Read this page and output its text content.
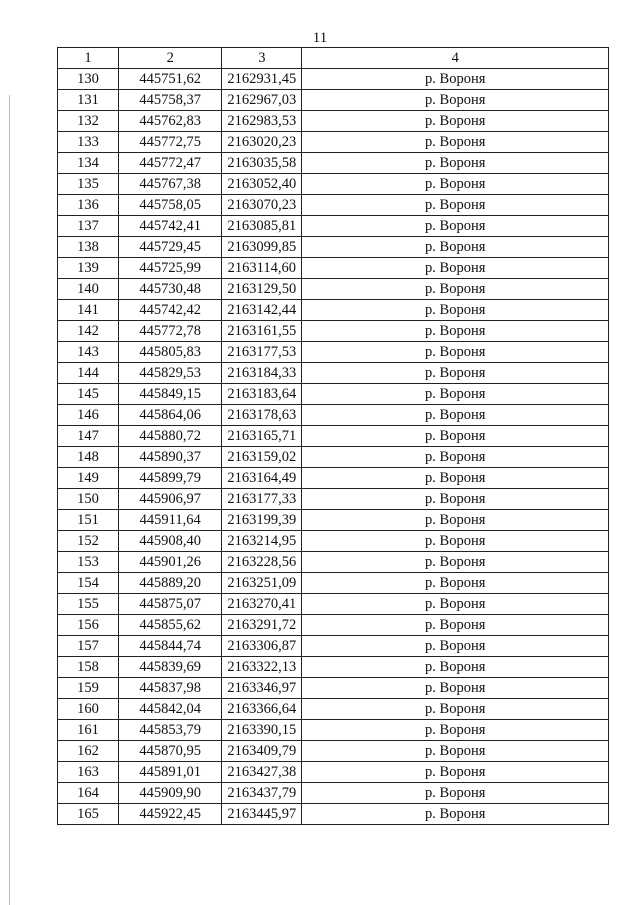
11
1	2	3	4
130	445751,62	2162931,45	р. Вороня
131	445758,37	2162967,03	р. Вороня
132	445762,83	2162983,53	р. Вороня
133	445772,75	2163020,23	р. Вороня
134	445772,47	2163035,58	р. Вороня
135	445767,38	2163052,40	р. Вороня
136	445758,05	2163070,23	р. Вороня
137	445742,41	2163085,81	р. Вороня
138	445729,45	2163099,85	р. Вороня
139	445725,99	2163114,60	р. Вороня
140	445730,48	2163129,50	р. Вороня
141	445742,42	2163142,44	р. Вороня
142	445772,78	2163161,55	р. Вороня
143	445805,83	2163177,53	р. Вороня
144	445829,53	2163184,33	р. Вороня
145	445849,15	2163183,64	р. Вороня
146	445864,06	2163178,63	р. Вороня
147	445880,72	2163165,71	р. Вороня
148	445890,37	2163159,02	р. Вороня
149	445899,79	2163164,49	р. Вороня
150	445906,97	2163177,33	р. Вороня
151	445911,64	2163199,39	р. Вороня
152	445908,40	2163214,95	р. Вороня
153	445901,26	2163228,56	р. Вороня
154	445889,20	2163251,09	р. Вороня
155	445875,07	2163270,41	р. Вороня
156	445855,62	2163291,72	р. Вороня
157	445844,74	2163306,87	р. Вороня
158	445839,69	2163322,13	р. Вороня
159	445837,98	2163346,97	р. Вороня
160	445842,04	2163366,64	р. Вороня
161	445853,79	2163390,15	р. Вороня
162	445870,95	2163409,79	р. Вороня
163	445891,01	2163427,38	р. Вороня
164	445909,90	2163437,79	р. Вороня
165	445922,45	2163445,97	р. Вороня
